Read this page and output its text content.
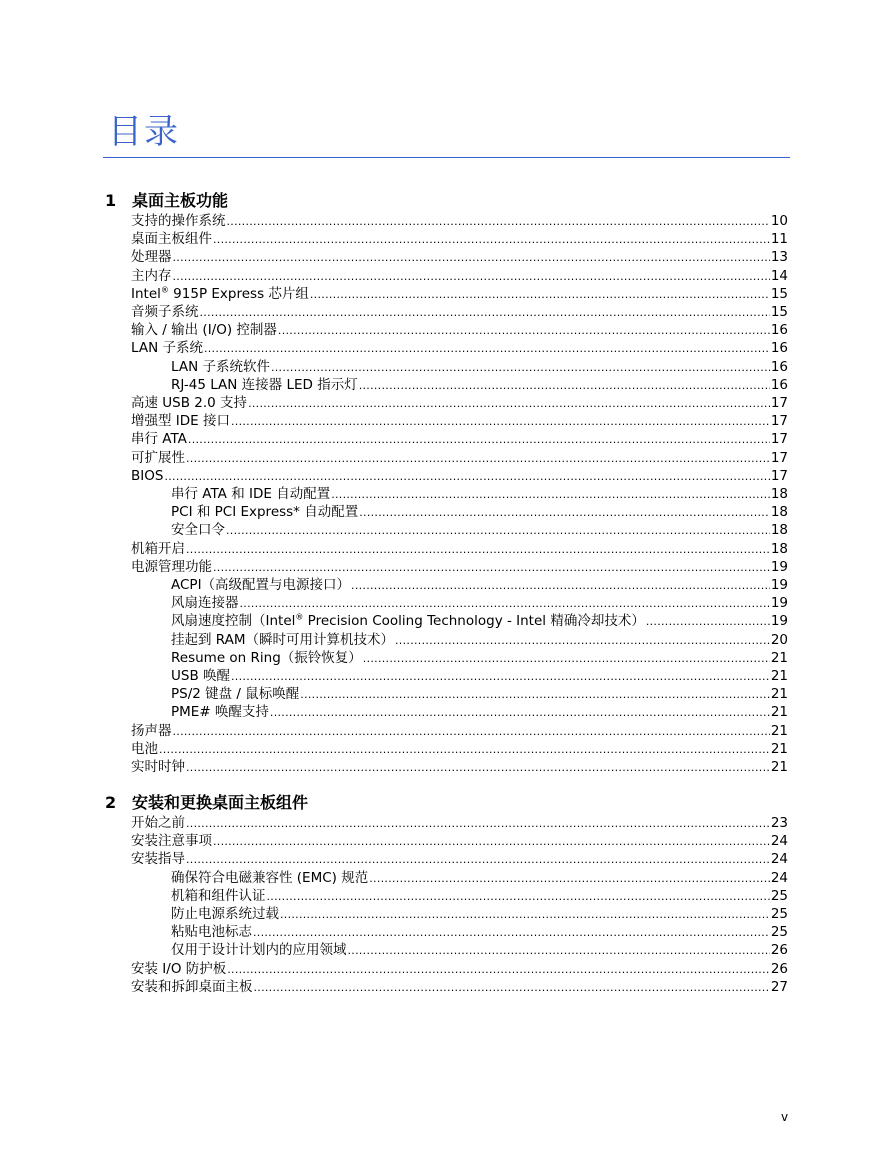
目录
1 桌面主板功能
支持的操作系统 . . .	10
桌面主板组件 . . .	11
处理器 . . .	13
主内存 . . .	14
Intel® 915P Express 芯片组 . . .	15
音频子系统 . . .	15
输入 / 输出 (I/O) 控制器 . . .	16
LAN 子系统 . . .	16
LAN 子系统软件 . . .	16
RJ-45 LAN 连接器 LED 指示灯 . . .	16
高速 USB 2.0 支持 . . .	17
增强型 IDE 接口 . . .	17
串行 ATA . . .	17
可扩展性 . . .	17
BIOS . . .	17
串行 ATA 和 IDE 自动配置 . . .	18
PCI 和 PCI Express* 自动配置 . . .	18
安全口令 . . .	18
机箱开启 . . .	18
电源管理功能 . . .	19
ACPI（高级配置与电源接口） . . .	19
风扇连接器 . . .	19
风扇速度控制（Intel® Precision Cooling Technology - Intel 精确冷却技术） . . .	19
挂起到 RAM（瞬时可用计算机技术） . . .	20
Resume on Ring（振铃恢复） . . .	21
USB 唤醒 . . .	21
PS/2 键盘 / 鼠标唤醒 . . .	21
PME# 唤醒支持 . . .	21
扬声器 . . .	21
电池 . . .	21
实时时钟 . . .	21
2 安装和更换桌面主板组件
开始之前 . . .	23
安装注意事项 . . .	24
安装指导 . . .	24
确保符合电磁兼容性 (EMC) 规范 . . .	24
机箱和组件认证 . . .	25
防止电源系统过载 . . .	25
粘贴电池标志 . . .	25
仅用于设计计划内的应用领域 . . .	26
安装 I/O 防护板 . . .	26
安装和拆卸桌面主板 . . .	27
v
